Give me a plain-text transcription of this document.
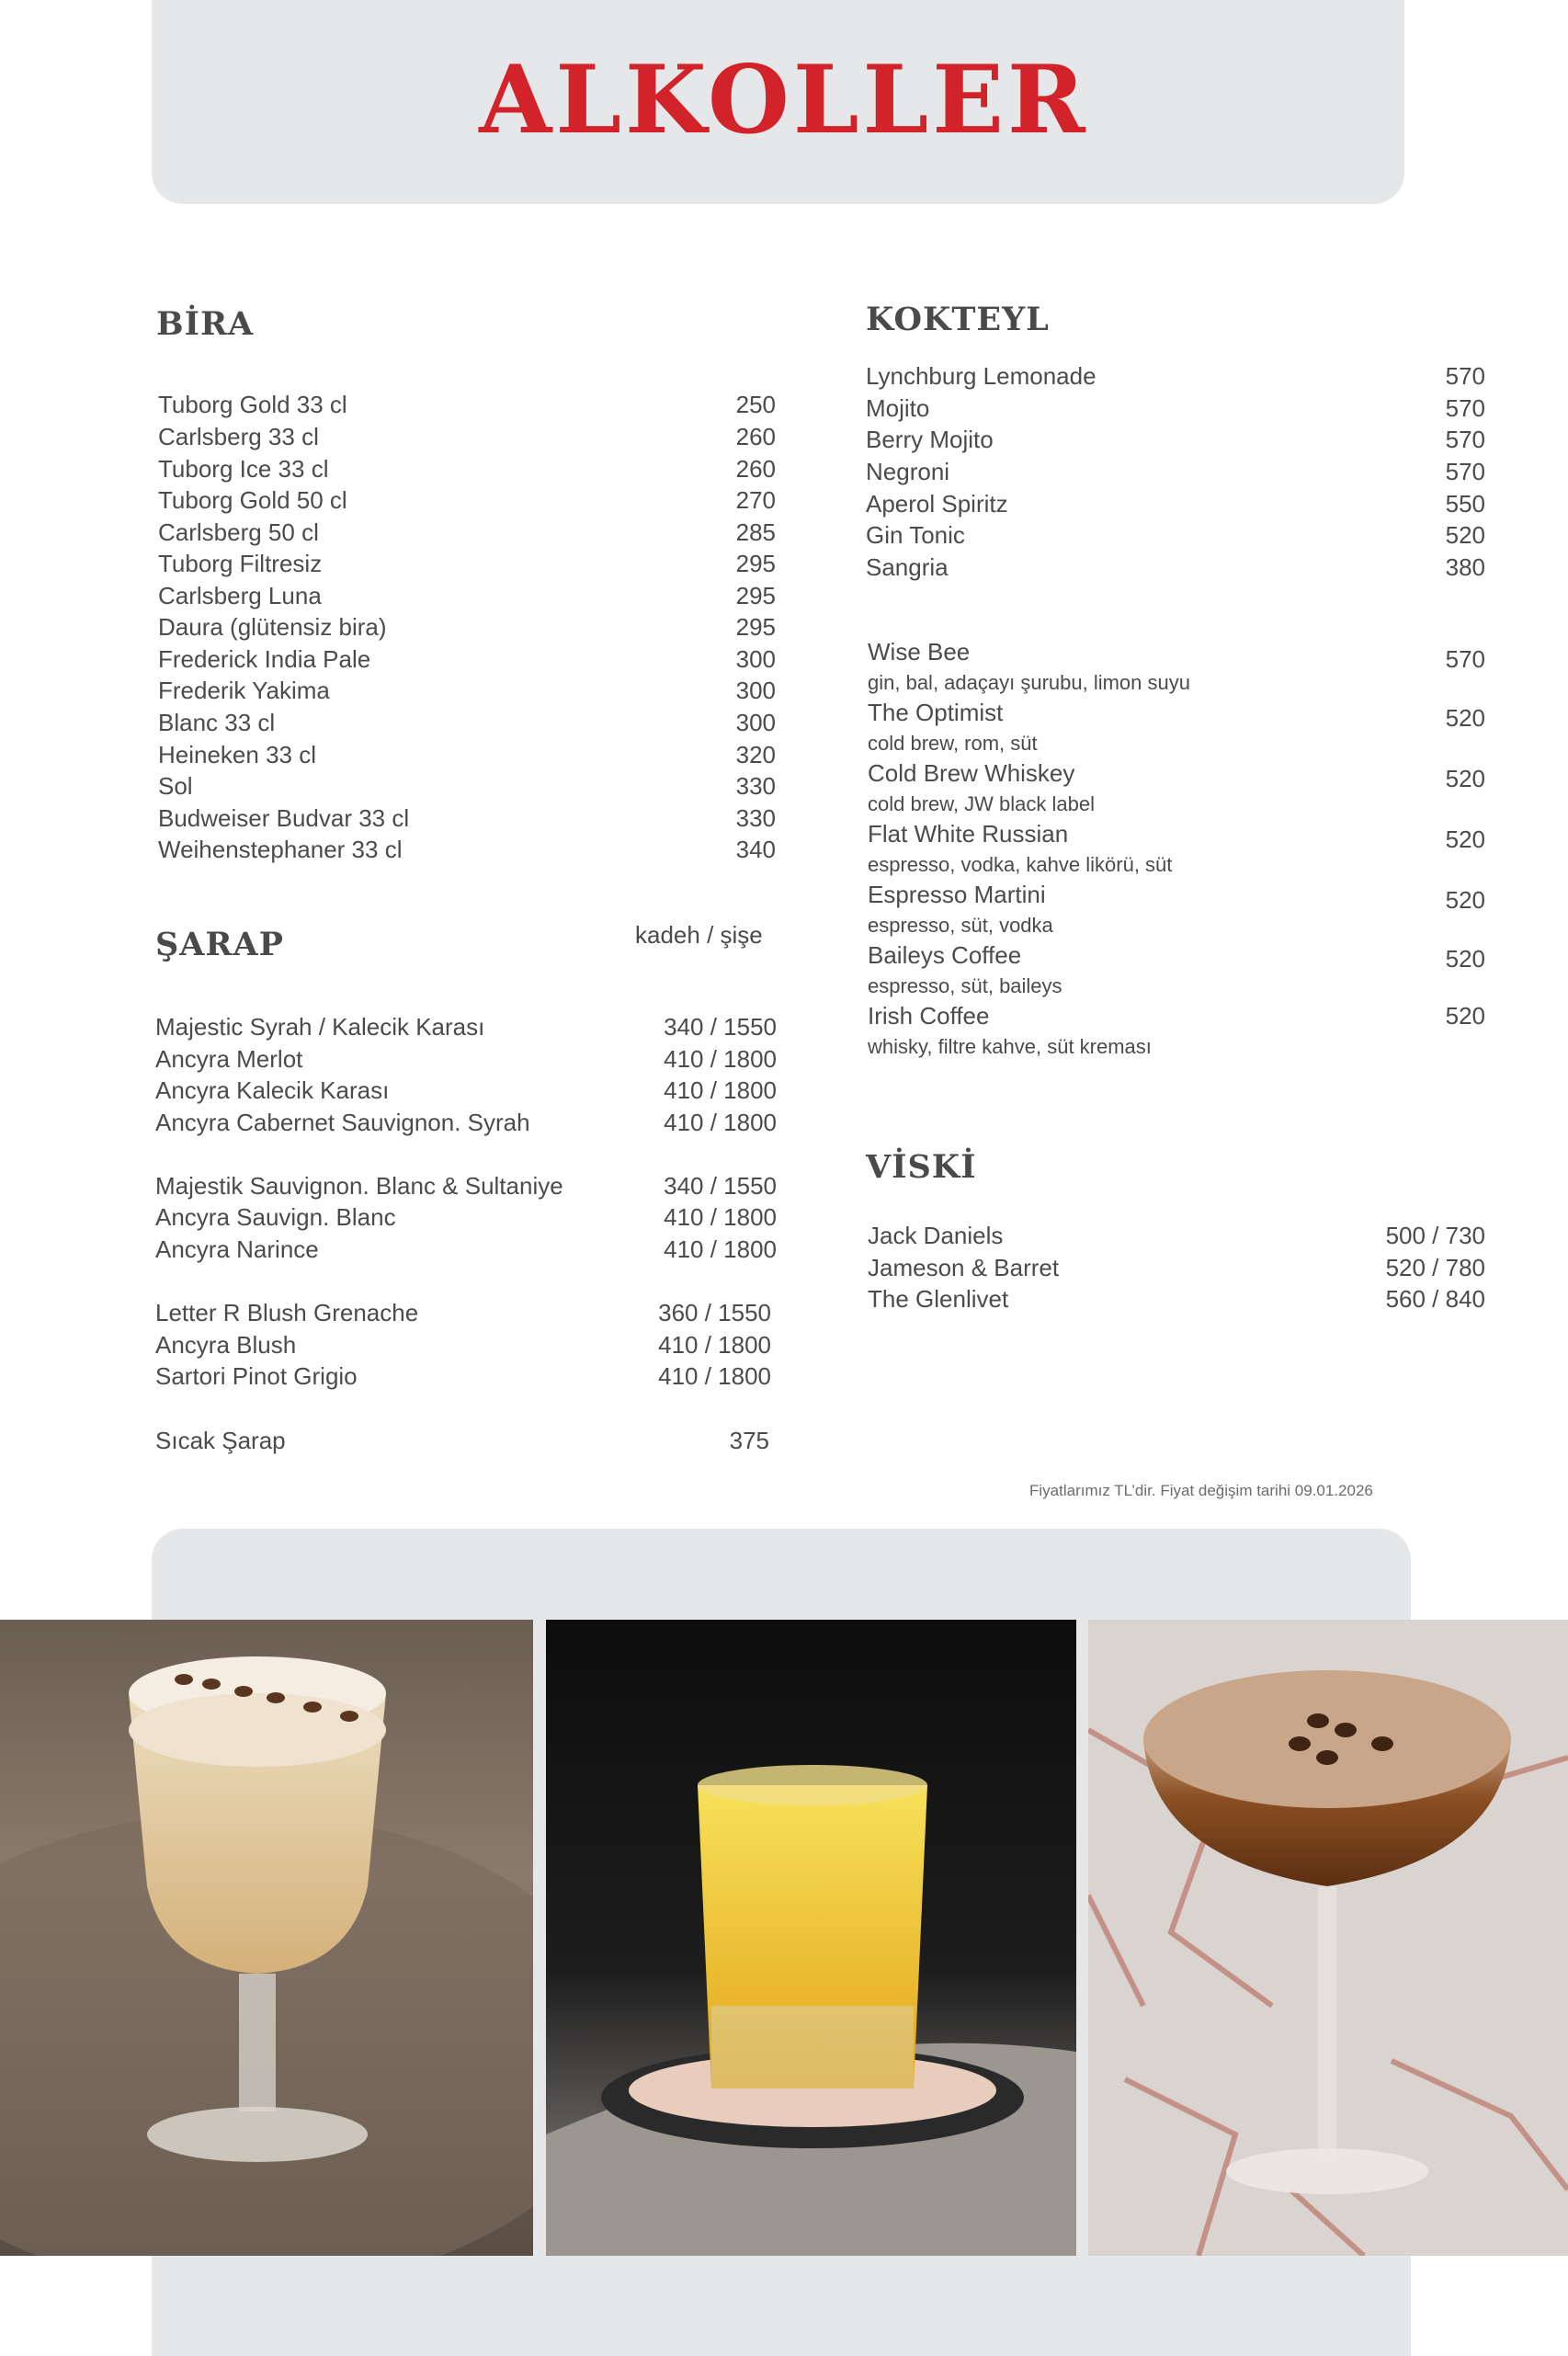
ALKOLLER
BİRA
Tuborg Gold 33 cl	250
Carlsberg 33 cl	260
Tuborg Ice 33 cl	260
Tuborg Gold 50 cl	270
Carlsberg 50 cl	285
Tuborg Filtresiz	295
Carlsberg Luna	295
Daura (glütensiz bira)	295
Frederick India Pale	300
Frederik Yakima	300
Blanc 33 cl	300
Heineken 33 cl	320
Sol	330
Budweiser Budvar 33 cl	330
Weihenstephaner 33 cl	340
ŞARAP	kadeh / şişe
Majestic Syrah / Kalecik Karası	340 / 1550
Ancyra Merlot	410 / 1800
Ancyra Kalecik Karası	410 / 1800
Ancyra Cabernet Sauvignon. Syrah	410 / 1800
Majestik Sauvignon. Blanc & Sultaniye	340 / 1550
Ancyra Sauvign. Blanc	410 / 1800
Ancyra Narince	410 / 1800
Letter R Blush Grenache	360 / 1550
Ancyra Blush	410 / 1800
Sartori Pinot Grigio	410 / 1800
Sıcak Şarap	375
KOKTEYL
Lynchburg Lemonade	570
Mojito	570
Berry Mojito	570
Negroni	570
Aperol Spiritz	550
Gin Tonic	520
Sangria	380
Wise Bee	570
gin, bal, adaçayı şurubu, limon suyu
The Optimist	520
cold brew, rom, süt
Cold Brew Whiskey	520
cold brew, JW black label
Flat White Russian	520
espresso, vodka, kahve likörü, süt
Espresso Martini	520
espresso, süt, vodka
Baileys Coffee	520
espresso, süt, baileys
Irish Coffee	520
whisky, filtre kahve, süt kreması
VİSKİ
Jack Daniels	500 / 730
Jameson & Barret	520 / 780
The Glenlivet	560 / 840
Fiyatlarımız TL’dir. Fiyat değişim tarihi 09.01.2026
